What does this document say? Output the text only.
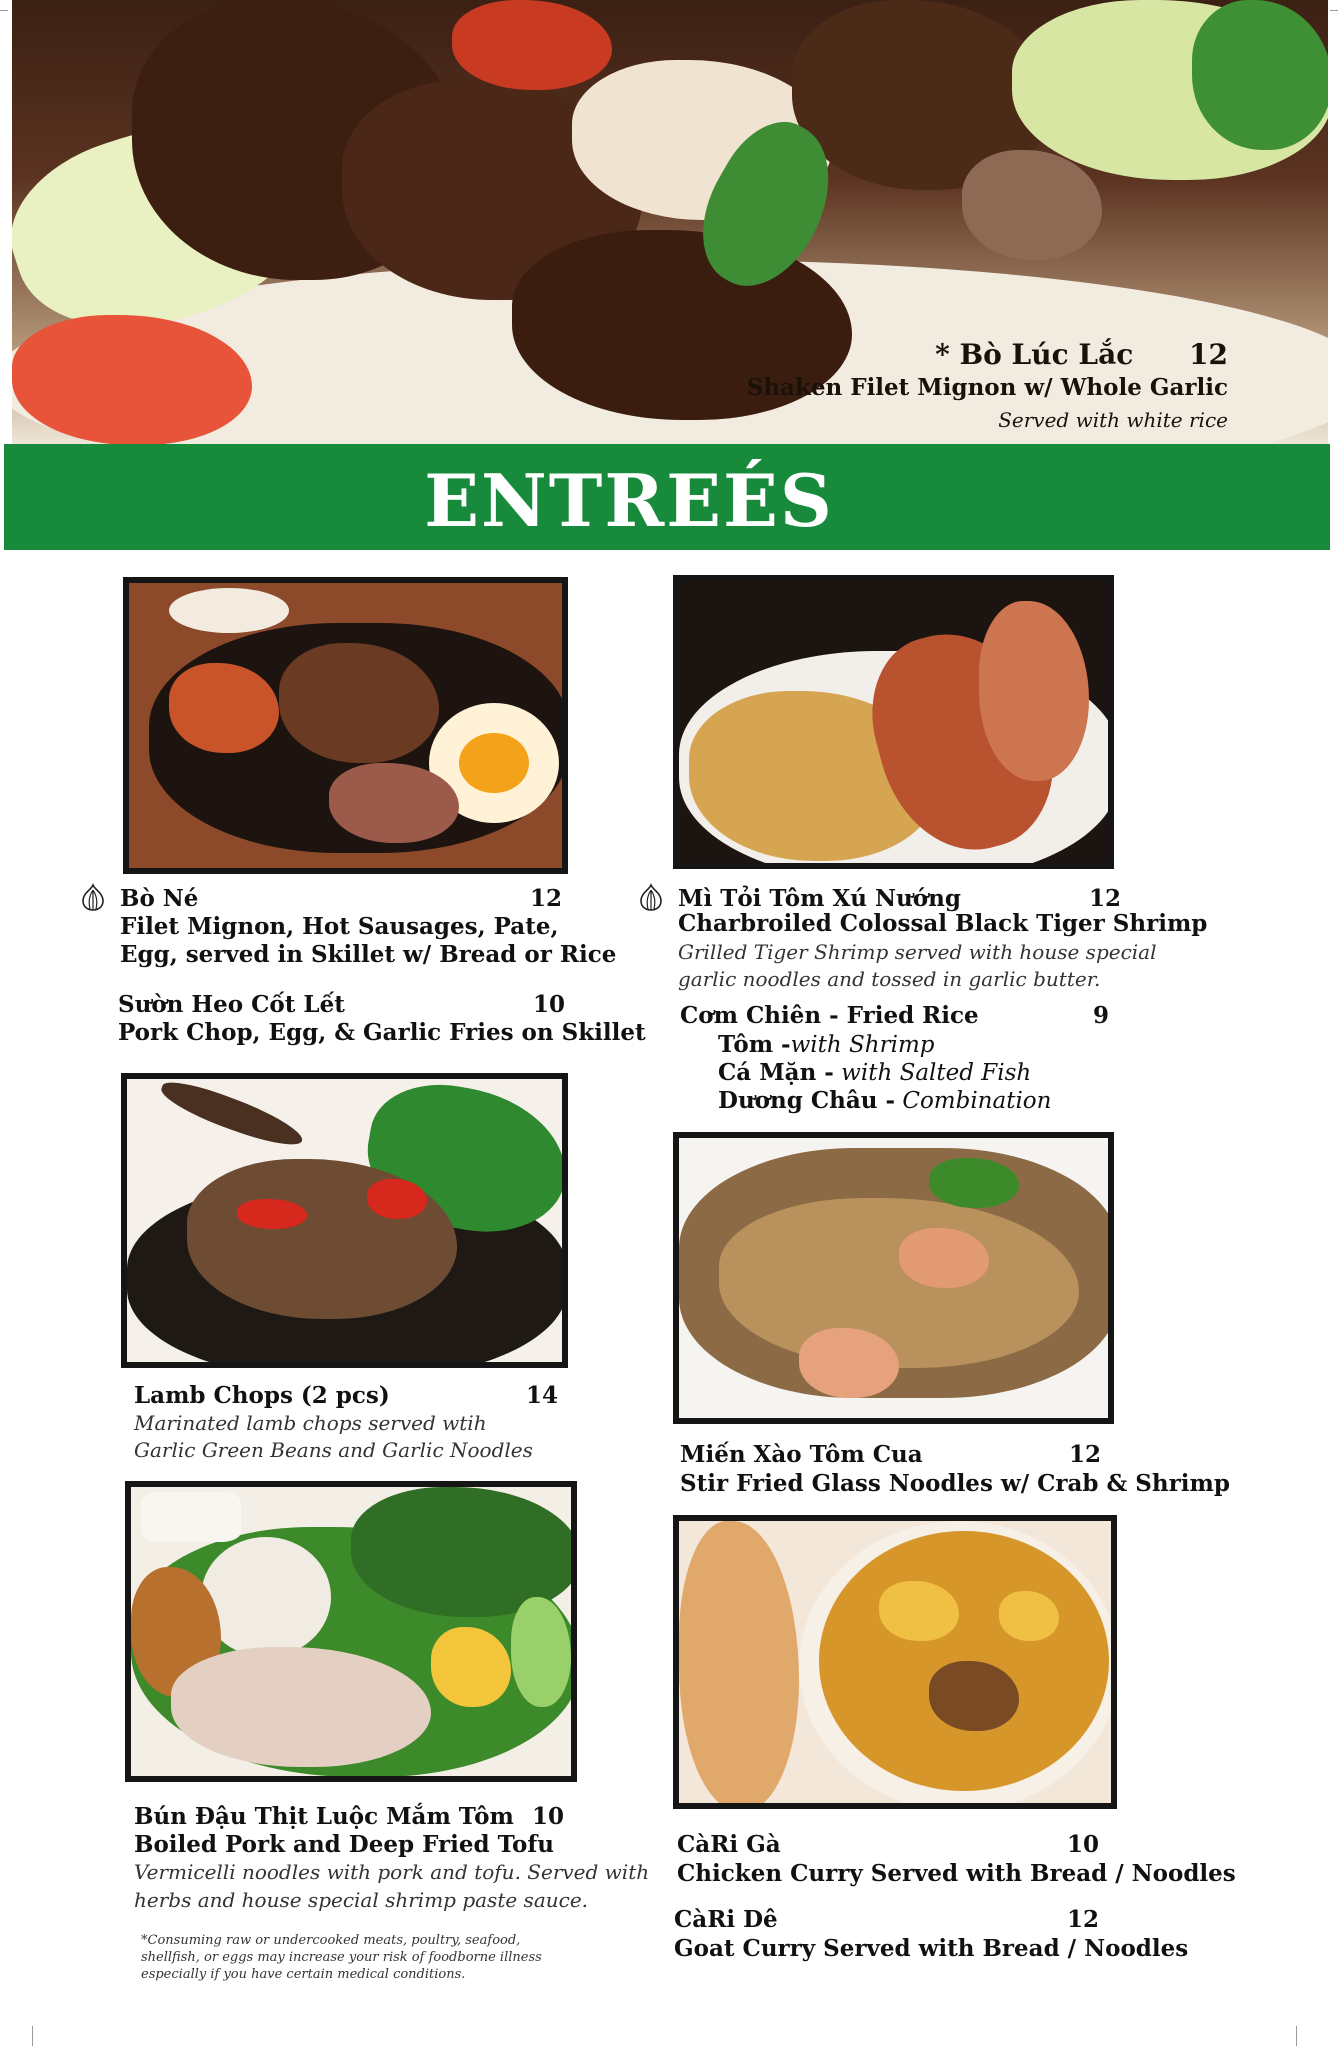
* Bò Lúc Lắc 12
Shaken Filet Mignon w/ Whole Garlic
Served with white rice
ENTREÉS
Bò Né	12
Filet Mignon, Hot Sausages, Pate,
Egg, served in Skillet w/ Bread or Rice
Sườn Heo Cốt Lết	10
Pork Chop, Egg, & Garlic Fries on Skillet
Lamb Chops (2 pcs)	14
Marinated lamb chops served wtih
Garlic Green Beans and Garlic Noodles
Bún Đậu Thịt Luộc Mắm Tôm 10
Boiled Pork and Deep Fried Tofu
Vermicelli noodles with pork and tofu. Served with
herbs and house special shrimp paste sauce.
*Consuming raw or undercooked meats, poultry, seafood,
shellfish, or eggs may increase your risk of foodborne illness
especially if you have certain medical conditions.
Mì Tỏi Tôm Xú Nướng	12
Charbroiled Colossal Black Tiger Shrimp
Grilled Tiger Shrimp served with house special
garlic noodles and tossed in garlic butter.
Cơm Chiên - Fried Rice	9
Tôm -with Shrimp
Cá Mặn - with Salted Fish
Dương Châu - Combination
Miến Xào Tôm Cua	12
Stir Fried Glass Noodles w/ Crab & Shrimp
CàRi Gà	10
Chicken Curry Served with Bread / Noodles
CàRi Dê	12
Goat Curry Served with Bread / Noodles
